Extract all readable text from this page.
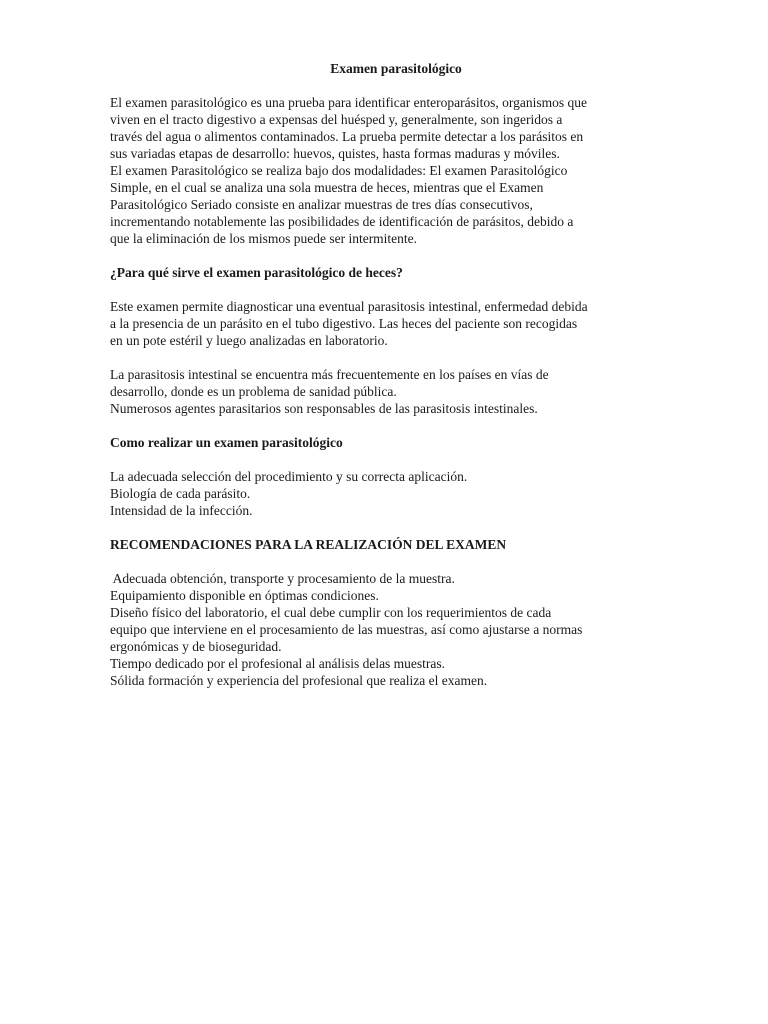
Examen parasitológico

El examen parasitológico es una prueba para identificar enteroparásitos, organismos que

viven en el tracto digestivo a expensas del huésped y, generalmente, son ingeridos a

través del agua o alimentos contaminados. La prueba permite detectar a los parásitos en

sus variadas etapas de desarrollo: huevos, quistes, hasta formas maduras y móviles.

El examen Parasitológico se realiza bajo dos modalidades: El examen Parasitológico

Simple, en el cual se analiza una sola muestra de heces, mientras que el Examen

Parasitológico Seriado consiste en analizar muestras de tres días consecutivos,

incrementando notablemente las posibilidades de identificación de parásitos, debido a

que la eliminación de los mismos puede ser intermitente.

¿Para qué sirve el examen parasitológico de heces?

Este examen permite diagnosticar una eventual parasitosis intestinal, enfermedad debida

a la presencia de un parásito en el tubo digestivo. Las heces del paciente son recogidas

en un pote estéril y luego analizadas en laboratorio.

La parasitosis intestinal se encuentra más frecuentemente en los países en vías de

desarrollo, donde es un problema de sanidad pública.

Numerosos agentes parasitarios son responsables de las parasitosis intestinales.

Como realizar un examen parasitológico

La adecuada selección del procedimiento y su correcta aplicación.

Biología de cada parásito.

Intensidad de la infección.

RECOMENDACIONES PARA LA REALIZACIÓN DEL EXAMEN

Adecuada obtención, transporte y procesamiento de la muestra.

Equipamiento disponible en óptimas condiciones.

Diseño físico del laboratorio, el cual debe cumplir con los requerimientos de cada

equipo que interviene en el procesamiento de las muestras, así como ajustarse a normas

ergonómicas y de bioseguridad.

Tiempo dedicado por el profesional al análisis delas muestras.

Sólida formación y experiencia del profesional que realiza el examen.
